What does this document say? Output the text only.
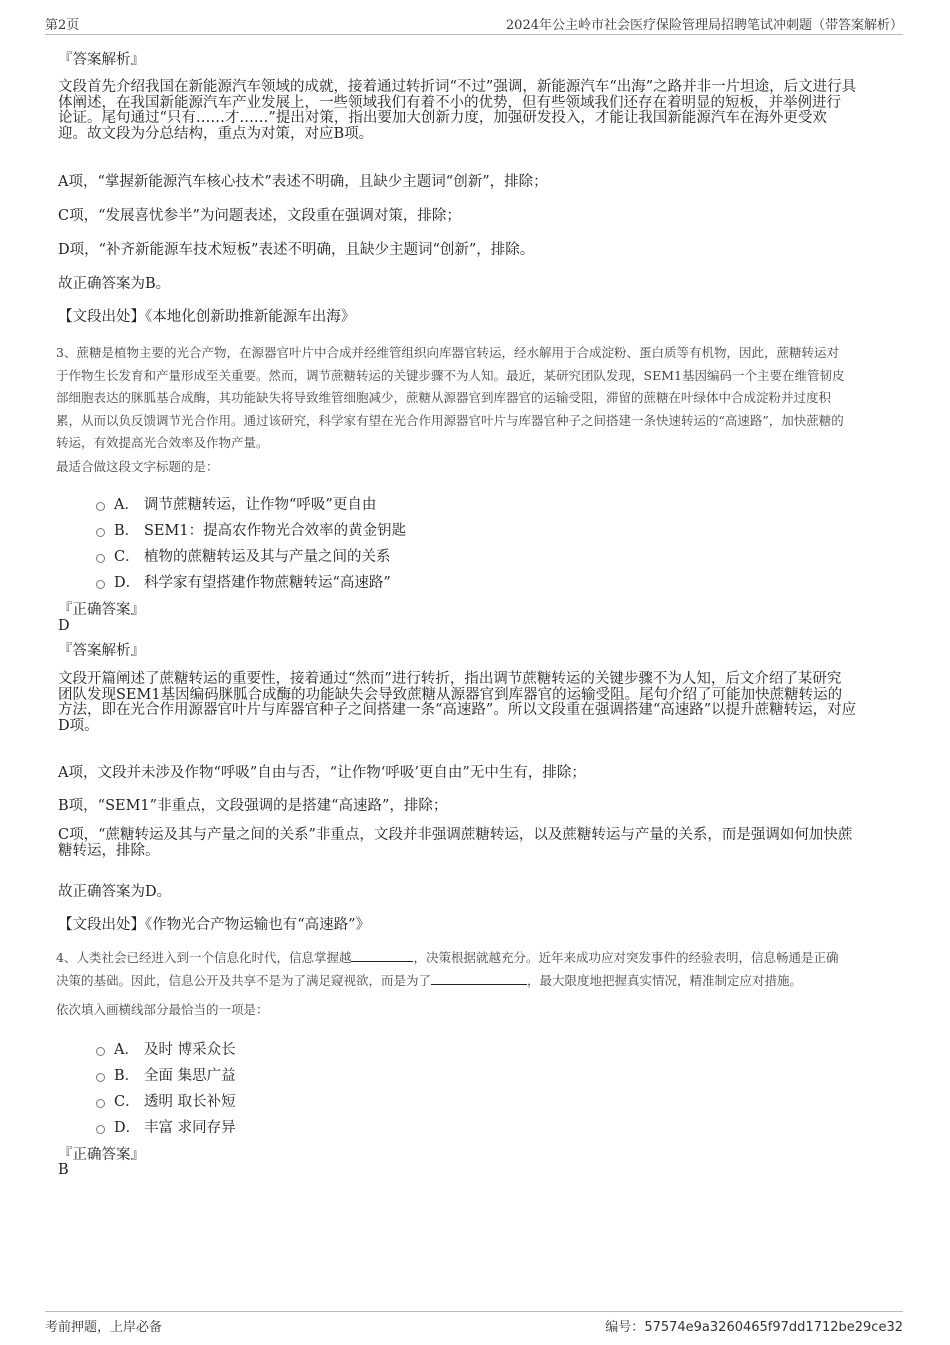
第2页	2024年公主岭市社会医疗保险管理局招聘笔试冲刺题（带答案解析）
『答案解析』
文段首先介绍我国在新能源汽车领域的成就，接着通过转折词“不过”强调，新能源汽车“出海”之路并非一片坦途，后文进行具
体阐述，在我国新能源汽车产业发展上，一些领域我们有着不小的优势，但有些领域我们还存在着明显的短板，并举例进行
论证。尾句通过“只有……才……”提出对策，指出要加大创新力度，加强研发投入，才能让我国新能源汽车在海外更受欢
迎。故文段为分总结构，重点为对策，对应B项。
A项，“掌握新能源汽车核心技术”表述不明确，且缺少主题词“创新”，排除；
C项，“发展喜忧参半”为问题表述，文段重在强调对策，排除；
D项，“补齐新能源车技术短板”表述不明确，且缺少主题词“创新”，排除。
故正确答案为B。
【文段出处】《本地化创新助推新能源车出海》
3、蔗糖是植物主要的光合产物，在源器官叶片中合成并经维管组织向库器官转运，经水解用于合成淀粉、蛋白质等有机物，因此，蔗糖转运对
于作物生长发育和产量形成至关重要。然而，调节蔗糖转运的关键步骤不为人知。最近，某研究团队发现，SEM1基因编码一个主要在维管韧皮
部细胞表达的脒胍基合成酶，其功能缺失将导致维管细胞减少，蔗糖从源器官到库器官的运输受阻，滞留的蔗糖在叶绿体中合成淀粉并过度积
累，从而以负反馈调节光合作用。通过该研究，科学家有望在光合作用源器官叶片与库器官种子之间搭建一条快速转运的“高速路”，加快蔗糖的
转运，有效提高光合效率及作物产量。
最适合做这段文字标题的是：
A． 调节蔗糖转运，让作物“呼吸”更自由
B． SEM1：提高农作物光合效率的黄金钥匙
C． 植物的蔗糖转运及其与产量之间的关系
D． 科学家有望搭建作物蔗糖转运“高速路”
『正确答案』
D
『答案解析』
文段开篇阐述了蔗糖转运的重要性，接着通过“然而”进行转折，指出调节蔗糖转运的关键步骤不为人知，后文介绍了某研究
团队发现SEM1基因编码脒胍合成酶的功能缺失会导致蔗糖从源器官到库器官的运输受阻。尾句介绍了可能加快蔗糖转运的
方法，即在光合作用源器官叶片与库器官种子之间搭建一条“高速路”。所以文段重在强调搭建“高速路”以提升蔗糖转运，对应
D项。
A项，文段并未涉及作物“呼吸”自由与否，“让作物‘呼吸’更自由”无中生有，排除；
B项，“SEM1”非重点，文段强调的是搭建“高速路”，排除；
C项，“蔗糖转运及其与产量之间的关系”非重点，文段并非强调蔗糖转运，以及蔗糖转运与产量的关系，而是强调如何加快蔗
糖转运，排除。
故正确答案为D。
【文段出处】《作物光合产物运输也有“高速路”》
4、人类社会已经进入到一个信息化时代，信息掌握越	，决策根据就越充分。近年来成功应对突发事件的经验表明，信息畅通是正确
决策的基础。因此，信息公开及共享不是为了满足窥视欲，而是为了	，最大限度地把握真实情况，精准制定应对措施。
依次填入画横线部分最恰当的一项是：
A． 及时 博采众长
B． 全面 集思广益
C． 透明 取长补短
D． 丰富 求同存异
『正确答案』
B
考前押题，上岸必备	编号：57574e9a3260465f97dd1712be29ce32
